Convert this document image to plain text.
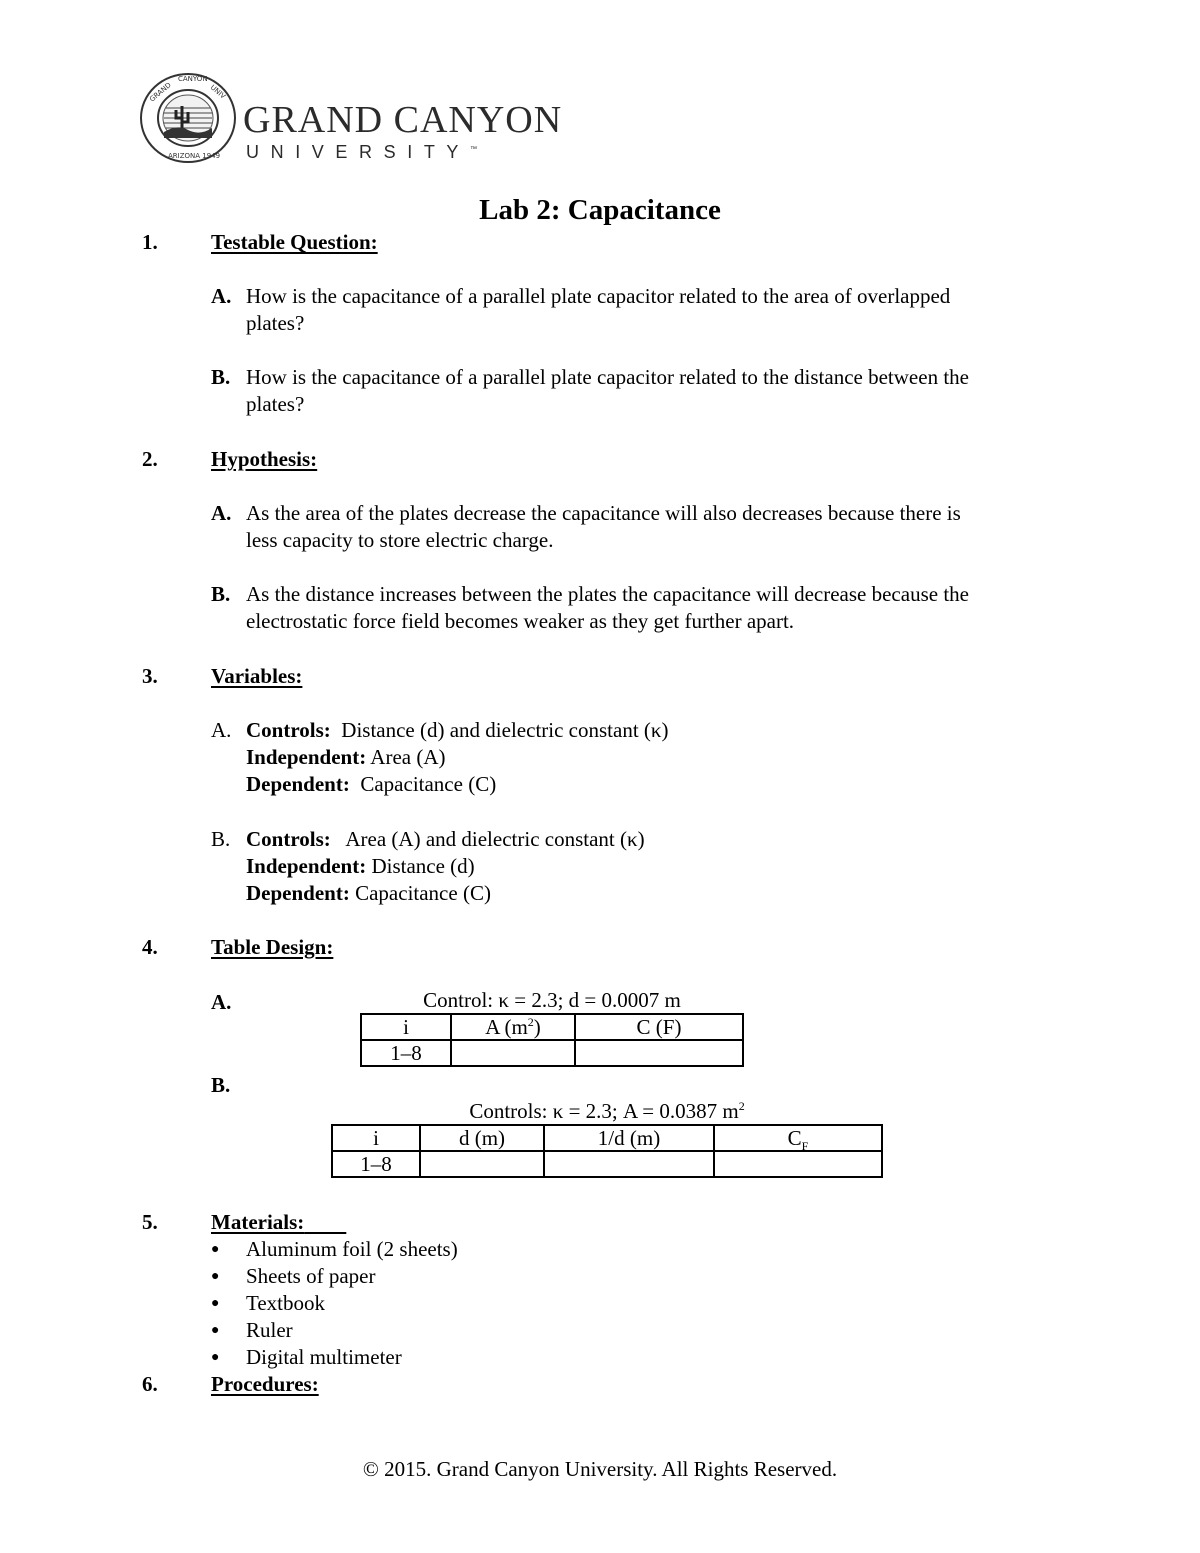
GRAND
CANYON
UNIV
ARIZONA 1949
GRAND CANYON
UNIVERSITY™
Lab 2: Capacitance
1.	Testable Question:
A. How is the capacitance of a parallel plate capacitor related to the area of overlapped
plates?
B. How is the capacitance of a parallel plate capacitor related to the distance between the
plates?
2.	Hypothesis:
A. As the area of the plates decrease the capacitance will also decreases because there is
less capacity to store electric charge.
B. As the distance increases between the plates the capacitance will decrease because the
electrostatic force field becomes weaker as they get further apart.
3.	Variables:
A. Controls: Distance (d) and dielectric constant (κ)
Independent: Area (A)
Dependent: Capacitance (C)
B. Controls: Area (A) and dielectric constant (κ)
Independent: Distance (d)
Dependent: Capacitance (C)
4.	Table Design:
A.	Control: κ = 2.3; d = 0.0007 m
i	A $(m^2)$	C (F)
1–8		
B.
Controls: κ = 2.3; A = 0.0387 $m^2$
i	d (m)	1/d (m)	$C_F$
1–8			
5.	Materials:
● Aluminum foil (2 sheets)
● Sheets of paper
● Textbook
● Ruler
● Digital multimeter
6.	Procedures:
© 2015. Grand Canyon University. All Rights Reserved.
